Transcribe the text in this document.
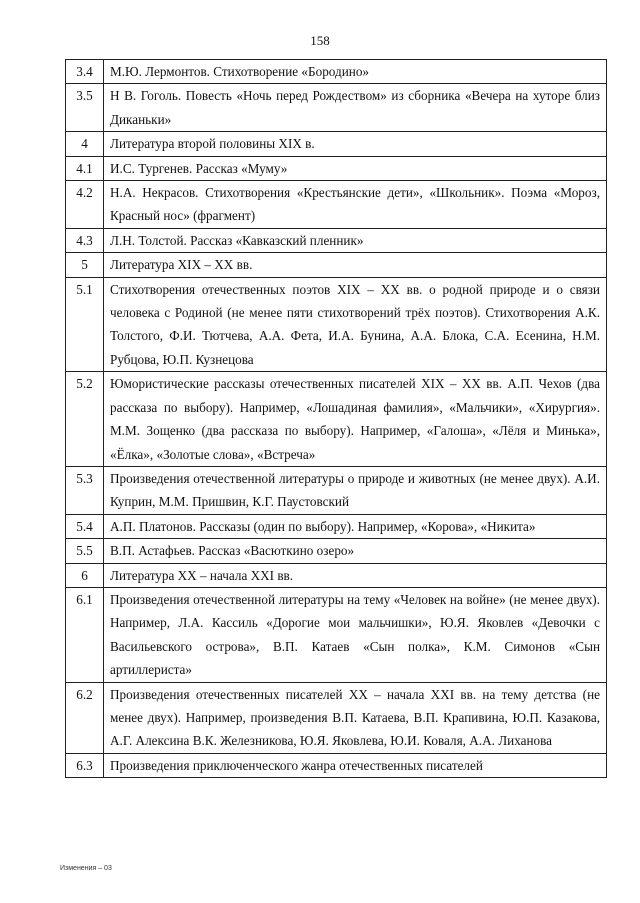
158
3.4	М.Ю. Лермонтов. Стихотворение «Бородино»
3.5	Н В. Гоголь. Повесть «Ночь перед Рождеством» из сборника «Вечера на хуторе близ Диканьки»
4	Литература второй половины XIX в.
4.1	И.С. Тургенев. Рассказ «Муму»
4.2	Н.А. Некрасов. Стихотворения «Крестьянские дети», «Школьник». Поэма «Мороз, Красный нос» (фрагмент)
4.3	Л.Н. Толстой. Рассказ «Кавказский пленник»
5	Литература XIX – XX вв.
5.1	Стихотворения отечественных поэтов XIX – XX вв. о родной природе и о связи человека с Родиной (не менее пяти стихотворений трёх поэтов). Стихотворения А.К. Толстого, Ф.И. Тютчева, А.А. Фета, И.А. Бунина, А.А. Блока, С.А. Есенина, Н.М. Рубцова, Ю.П. Кузнецова
5.2	Юмористические рассказы отечественных писателей XIX – XX вв. А.П. Чехов (два рассказа по выбору). Например, «Лошадиная фамилия», «Мальчики», «Хирургия». М.М. Зощенко (два рассказа по выбору). Например, «Галоша», «Лёля и Минька», «Ёлка», «Золотые слова», «Встреча»
5.3	Произведения отечественной литературы о природе и животных (не менее двух). А.И. Куприн, М.М. Пришвин, К.Г. Паустовский
5.4	А.П. Платонов. Рассказы (один по выбору). Например, «Корова», «Никита»
5.5	В.П. Астафьев. Рассказ «Васюткино озеро»
6	Литература XX – начала XXI вв.
6.1	Произведения отечественной литературы на тему «Человек на войне» (не менее двух). Например, Л.А. Кассиль «Дорогие мои мальчишки», Ю.Я. Яковлев «Девочки с Васильевского острова», В.П. Катаев «Сын полка», К.М. Симонов «Сын артиллериста»
6.2	Произведения отечественных писателей XX – начала XXI вв. на тему детства (не менее двух). Например, произведения В.П. Катаева, В.П. Крапивина, Ю.П. Казакова, А.Г. Алексина В.К. Железникова, Ю.Я. Яковлева, Ю.И. Коваля, А.А. Лиханова
6.3	Произведения приключенческого жанра отечественных писателей
Изменения – 03
